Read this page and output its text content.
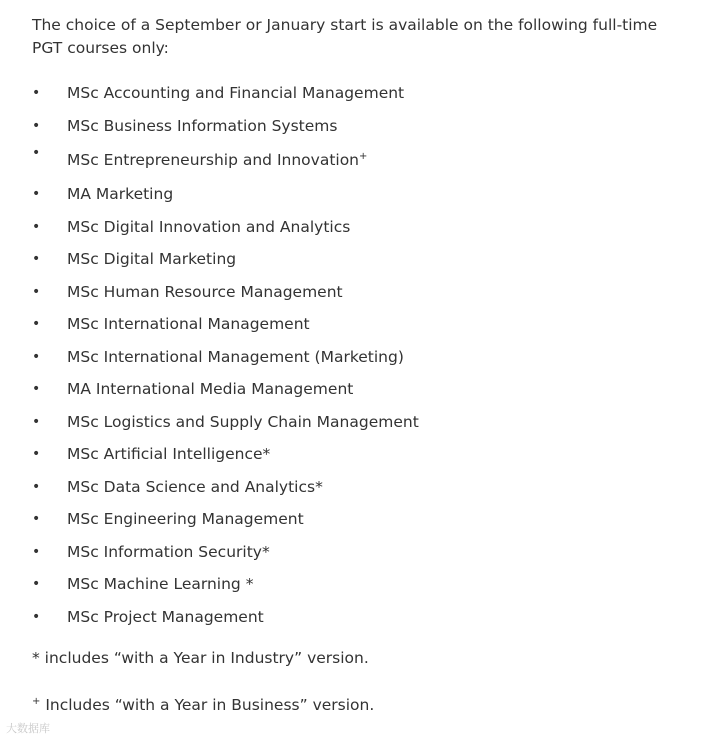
The choice of a September or January start is available on the following full-time PGT courses only:

• MSc Accounting and Financial Management
• MSc Business Information Systems
• MSc Entrepreneurship and Innovation+
• MA Marketing
• MSc Digital Innovation and Analytics
• MSc Digital Marketing
• MSc Human Resource Management
• MSc International Management
• MSc International Management (Marketing)
• MA International Media Management
• MSc Logistics and Supply Chain Management
• MSc Artificial Intelligence*
• MSc Data Science and Analytics*
• MSc Engineering Management
• MSc Information Security*
• MSc Machine Learning *
• MSc Project Management

* includes “with a Year in Industry” version.

+ Includes “with a Year in Business” version.

大数据库
